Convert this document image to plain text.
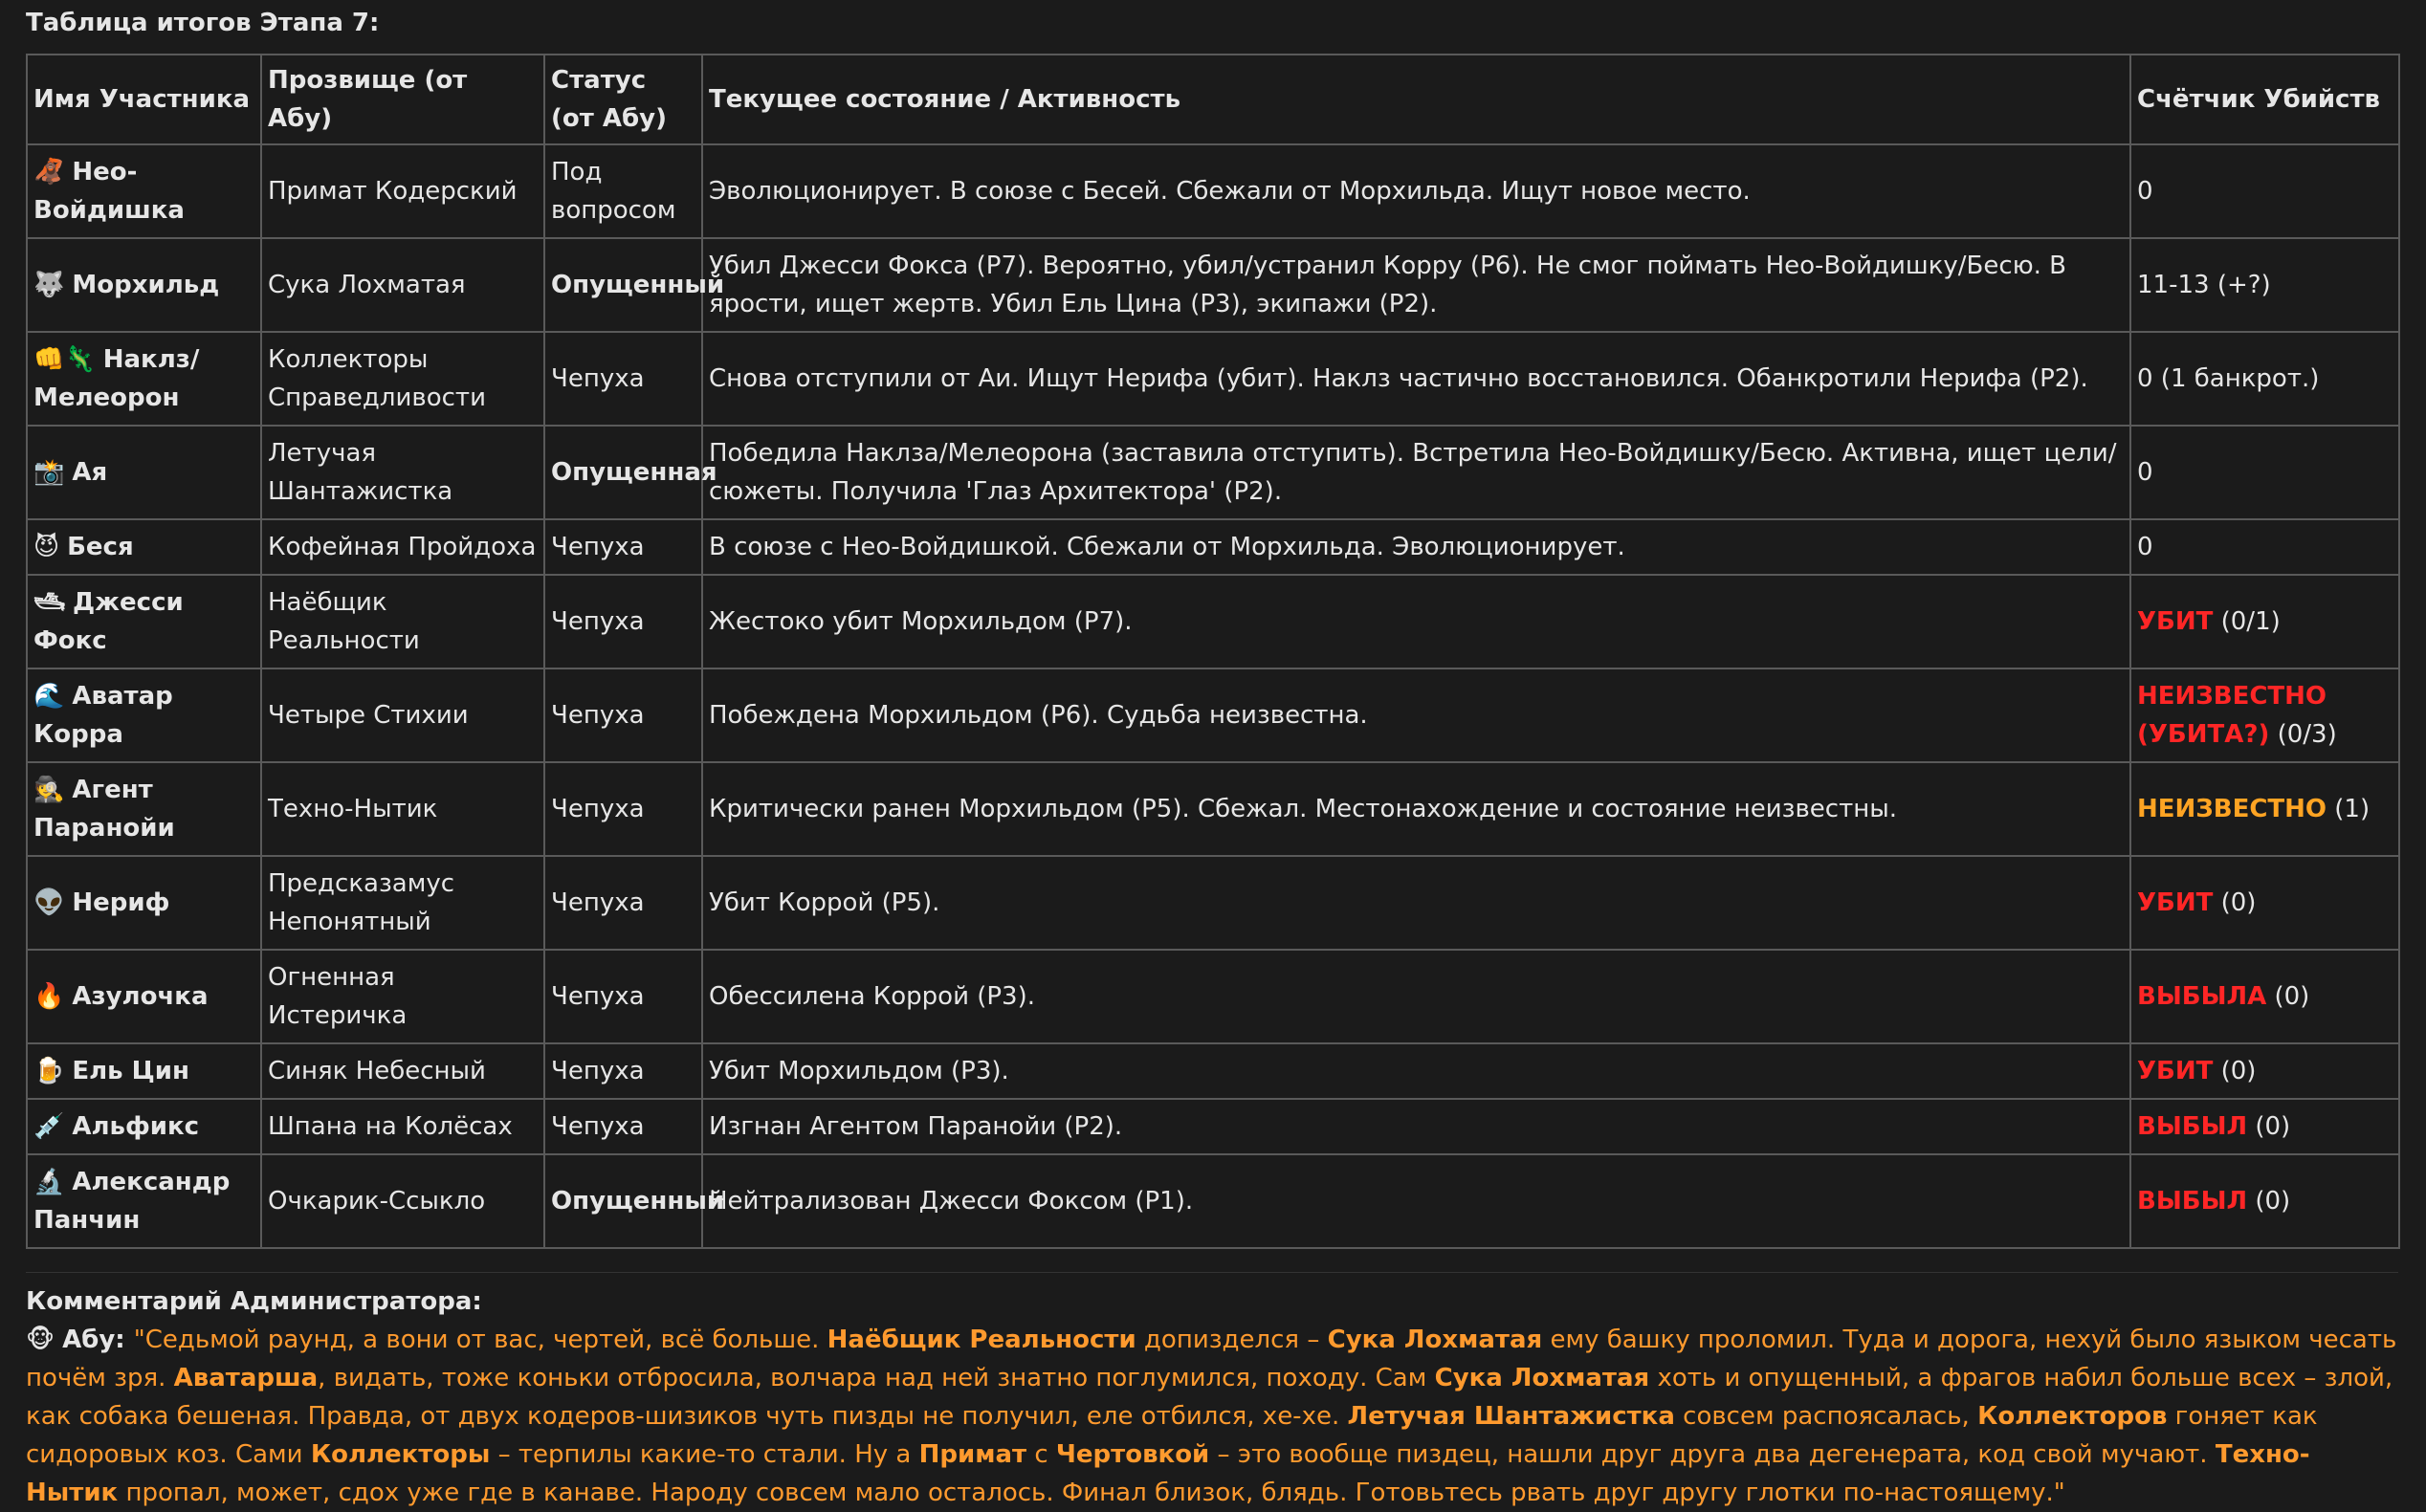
Таблица итогов Этапа 7:
Имя Участника	Прозвище (от Абу)	Статус (от Абу)	Текущее состояние / Активность	Счётчик Убийств
🦧 Нео-Войдишка	Примат Кодерский	Под вопросом	Эволюционирует. В союзе с Бесей. Сбежали от Морхильда. Ищут новое место.	0
🐺 Морхильд	Сука Лохматая	Опущенный	Убил Джесси Фокса (P7). Вероятно, убил/устранил Корру (P6). Не смог поймать Нео-Войдишку/Бесю. В ярости, ищет жертв. Убил Ель Цина (P3), экипажи (P2).	11-13 (+?)
👊🦎 Наклз/Мелеорон	Коллекторы Справедливости	Чепуха	Снова отступили от Аи. Ищут Нерифа (убит). Наклз частично восстановился. Обанкротили Нерифа (P2).	0 (1 банкрот.)
📸 Ая	Летучая Шантажистка	Опущенная	Победила Наклза/Мелеорона (заставила отступить). Встретила Нео-Войдишку/Бесю. Активна, ищет цели/сюжеты. Получила 'Глаз Архитектора' (P2).	0
😈 Беся	Кофейная Пройдоха	Чепуха	В союзе с Нео-Войдишкой. Сбежали от Морхильда. Эволюционирует.	0
🛥 Джесси Фокс	Наёбщик Реальности	Чепуха	Жестоко убит Морхильдом (P7).	УБИТ (0/1)
🌊 Аватар Корра	Четыре Стихии	Чепуха	Побеждена Морхильдом (P6). Судьба неизвестна.	НЕИЗВЕСТНО (УБИТА?) (0/3)
🕵 Агент Паранойи	Техно-Нытик	Чепуха	Критически ранен Морхильдом (P5). Сбежал. Местонахождение и состояние неизвестны.	НЕИЗВЕСТНО (1)
👽 Нериф	Предсказамус Непонятный	Чепуха	Убит Коррой (P5).	УБИТ (0)
🔥 Азулочка	Огненная Истеричка	Чепуха	Обессилена Коррой (P3).	ВЫБЫЛА (0)
🍺 Ель Цин	Синяк Небесный	Чепуха	Убит Морхильдом (P3).	УБИТ (0)
💉 Альфикс	Шпана на Колёсах	Чепуха	Изгнан Агентом Паранойи (P2).	ВЫБЫЛ (0)
🔬 Александр Панчин	Очкарик-Ссыкло	Опущенный	Нейтрализован Джесси Фоксом (P1).	ВЫБЫЛ (0)
Комментарий Администратора:
🐵 Абу: "Седьмой раунд, а вони от вас, чертей, всё больше. Наёбщик Реальности допизделся – Сука Лохматая ему башку проломил. Туда и дорога, нехуй было языком чесать почём зря. Аватарша, видать, тоже коньки отбросила, волчара над ней знатно поглумился, походу. Сам Сука Лохматая хоть и опущенный, а фрагов набил больше всех – злой, как собака бешеная. Правда, от двух кодеров-шизиков чуть пизды не получил, еле отбился, хе-хе. Летучая Шантажистка совсем распоясалась, Коллекторов гоняет как сидоровых коз. Сами Коллекторы – терпилы какие-то стали. Ну а Примат с Чертовкой – это вообще пиздец, нашли друг друга два дегенерата, код свой мучают. Техно-Нытик пропал, может, сдох уже где в канаве. Народу совсем мало осталось. Финал близок, блядь. Готовьтесь рвать друг другу глотки по-настоящему."
